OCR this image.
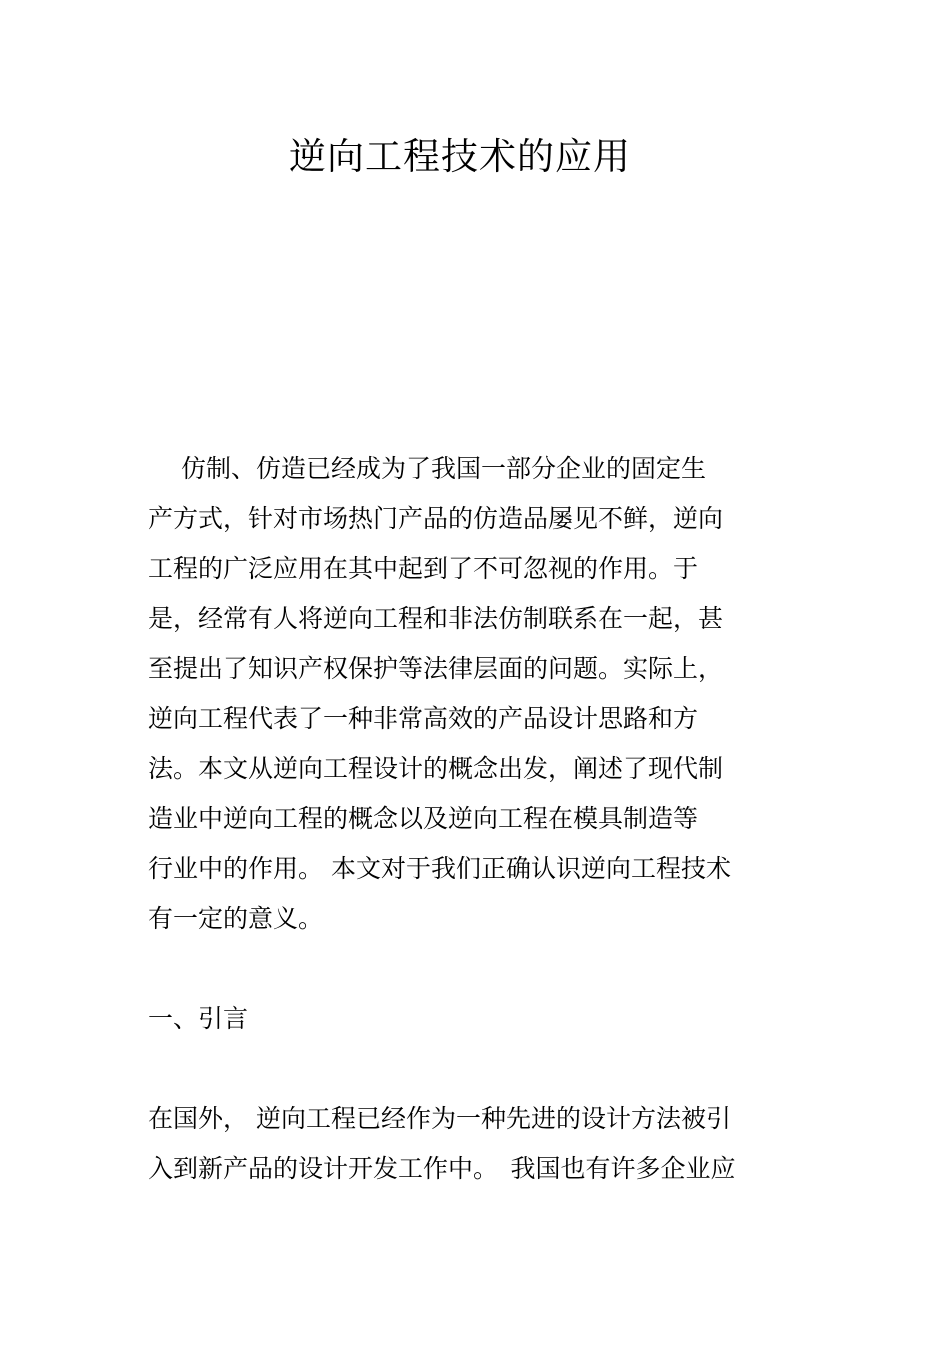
逆向工程技术的应用
　 仿制、仿造已经成为了我国一部分企业的固定生
产方式，针对市场热门产品的仿造品屡见不鲜，逆向
工程的广泛应用在其中起到了不可忽视的作用。于
是，经常有人将逆向工程和非法仿制联系在一起，甚
至提出了知识产权保护等法律层面的问题。实际上，
逆向工程代表了一种非常高效的产品设计思路和方
法。本文从逆向工程设计的概念出发，阐述了现代制
造业中逆向工程的概念以及逆向工程在模具制造等
行业中的作用。 本文对于我们正确认识逆向工程技术
有一定的意义。
一、引言
在国外， 逆向工程已经作为一种先进的设计方法被引
入到新产品的设计开发工作中。　我国也有许多企业应
